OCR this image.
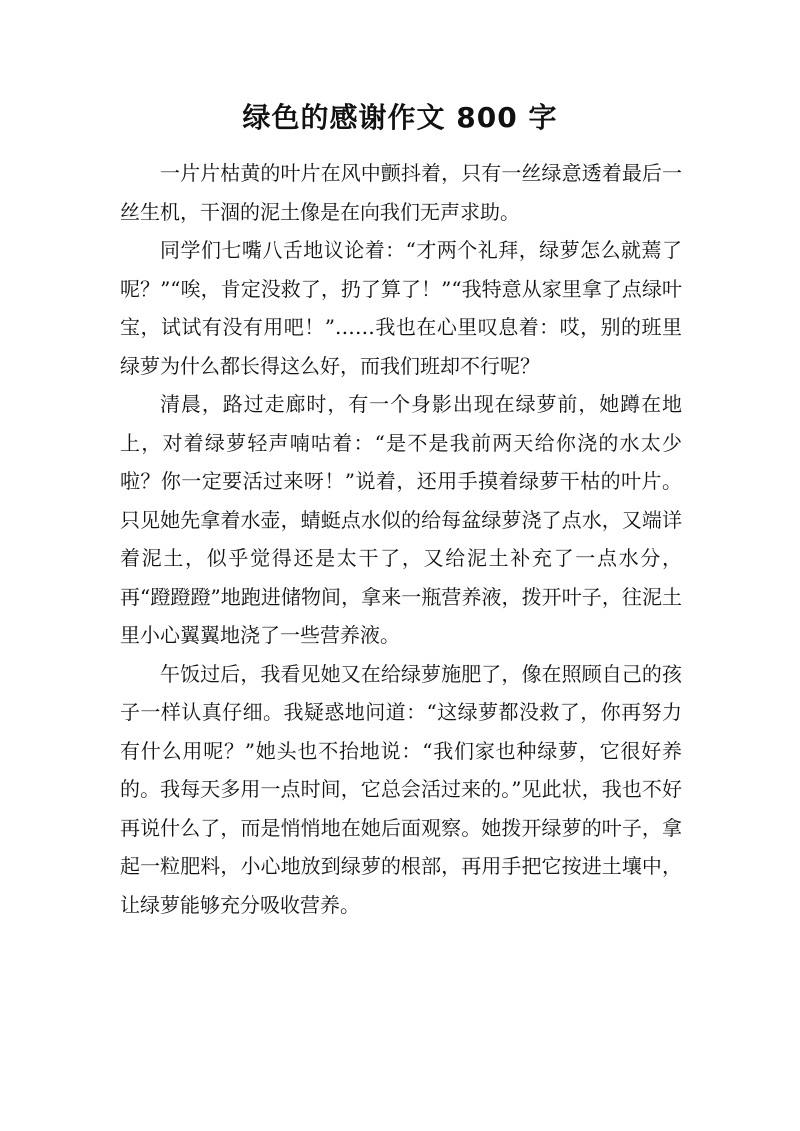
绿色的感谢作文 800 字

一片片枯黄的叶片在风中颤抖着，只有一丝绿意透着最后一丝生机，干涸的泥土像是在向我们无声求助。

同学们七嘴八舌地议论着：“才两个礼拜，绿萝怎么就蔫了呢？”“唉，肯定没救了，扔了算了！”“我特意从家里拿了点绿叶宝，试试有没有用吧！”……我也在心里叹息着：哎，别的班里绿萝为什么都长得这么好，而我们班却不行呢？

清晨，路过走廊时，有一个身影出现在绿萝前，她蹲在地上，对着绿萝轻声喃咕着：“是不是我前两天给你浇的水太少啦？你一定要活过来呀！”说着，还用手摸着绿萝干枯的叶片。只见她先拿着水壶，蜻蜓点水似的给每盆绿萝浇了点水，又端详着泥土，似乎觉得还是太干了，又给泥土补充了一点水分，再“蹬蹬蹬”地跑进储物间，拿来一瓶营养液，拨开叶子，往泥土里小心翼翼地浇了一些营养液。

午饭过后，我看见她又在给绿萝施肥了，像在照顾自己的孩子一样认真仔细。我疑惑地问道：“这绿萝都没救了，你再努力有什么用呢？”她头也不抬地说：“我们家也种绿萝，它很好养的。我每天多用一点时间，它总会活过来的。”见此状，我也不好再说什么了，而是悄悄地在她后面观察。她拨开绿萝的叶子，拿起一粒肥料，小心地放到绿萝的根部，再用手把它按进土壤中，让绿萝能够充分吸收营养。
